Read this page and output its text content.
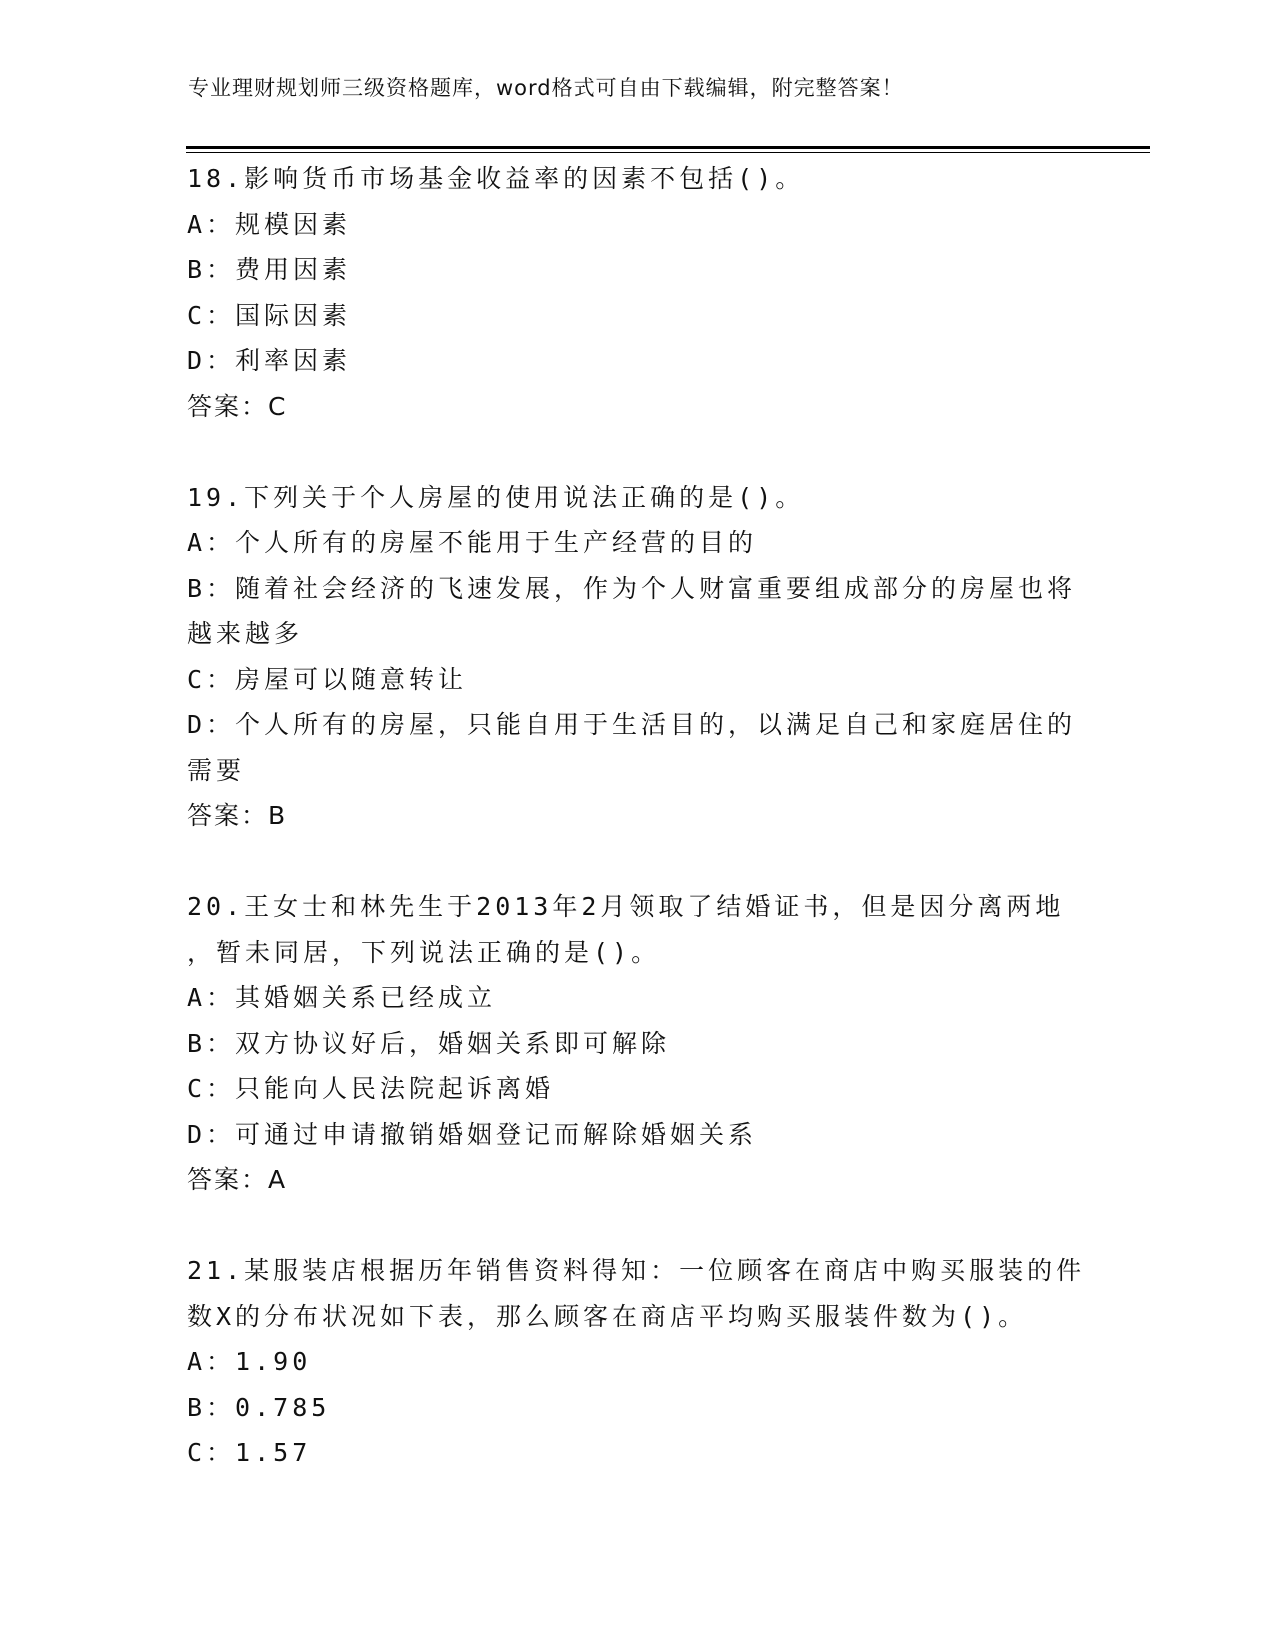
专业理财规划师三级资格题库，word格式可自由下载编辑，附完整答案！
18.影响货币市场基金收益率的因素不包括()。
A：规模因素
B：费用因素
C：国际因素
D：利率因素
答案：C
19.下列关于个人房屋的使用说法正确的是()。
A：个人所有的房屋不能用于生产经营的目的
B：随着社会经济的飞速发展，作为个人财富重要组成部分的房屋也将
越来越多
C：房屋可以随意转让
D：个人所有的房屋，只能自用于生活目的，以满足自己和家庭居住的
需要
答案：B
20.王女士和林先生于2013年2月领取了结婚证书，但是因分离两地
，暂未同居，下列说法正确的是()。
A：其婚姻关系已经成立
B：双方协议好后，婚姻关系即可解除
C：只能向人民法院起诉离婚
D：可通过申请撤销婚姻登记而解除婚姻关系
答案：A
21.某服装店根据历年销售资料得知：一位顾客在商店中购买服装的件
数X的分布状况如下表，那么顾客在商店平均购买服装件数为()。
A：1.90
B：0.785
C：1.57
